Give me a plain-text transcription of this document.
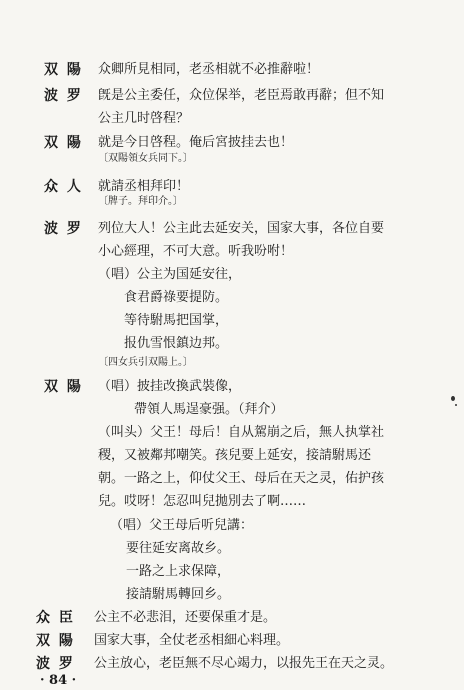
双 陽 众卿所見相同，老丞相就不必推辭啦！
波 罗 旣是公主委任，众位保举，老臣焉敢再辭；但不知
公主几时啓程？
双 陽 就是今日啓程。俺后宮披挂去也！
〔双陽領女兵同下。〕
众 人 就請丞相拜印！
〔牌子。拜印介。〕
波 罗 列位大人！公主此去延安关，国家大事，各位自要
小心經理，不可大意。听我吩咐！
（唱）公主为国延安往，
食君爵祿要提防。
等待駙馬把国掌，
报仇雪恨鎮边邦。
〔四女兵引双陽上。〕
双 陽 （唱）披挂改換武裝像，
帶領人馬逞豪强。（拜介）
（叫头）父王！母后！自从駕崩之后，無人执掌社
稷，又被鄰邦嘲笑。孩兒要上延安，接請駙馬还
朝。一路之上，仰仗父王、母后在天之灵，佑护孩
兒。哎呀！怎忍叫兒拋別去了啊……
（唱）父王母后听兒講：
要往延安离故乡。
一路之上求保障，
接請駙馬轉回乡。
众 臣 公主不必悲泪，还要保重才是。
双 陽 国家大事，全仗老丞相細心料理。
波 罗 公主放心，老臣無不尽心竭力，以报先王在天之灵。
· 84 ·
